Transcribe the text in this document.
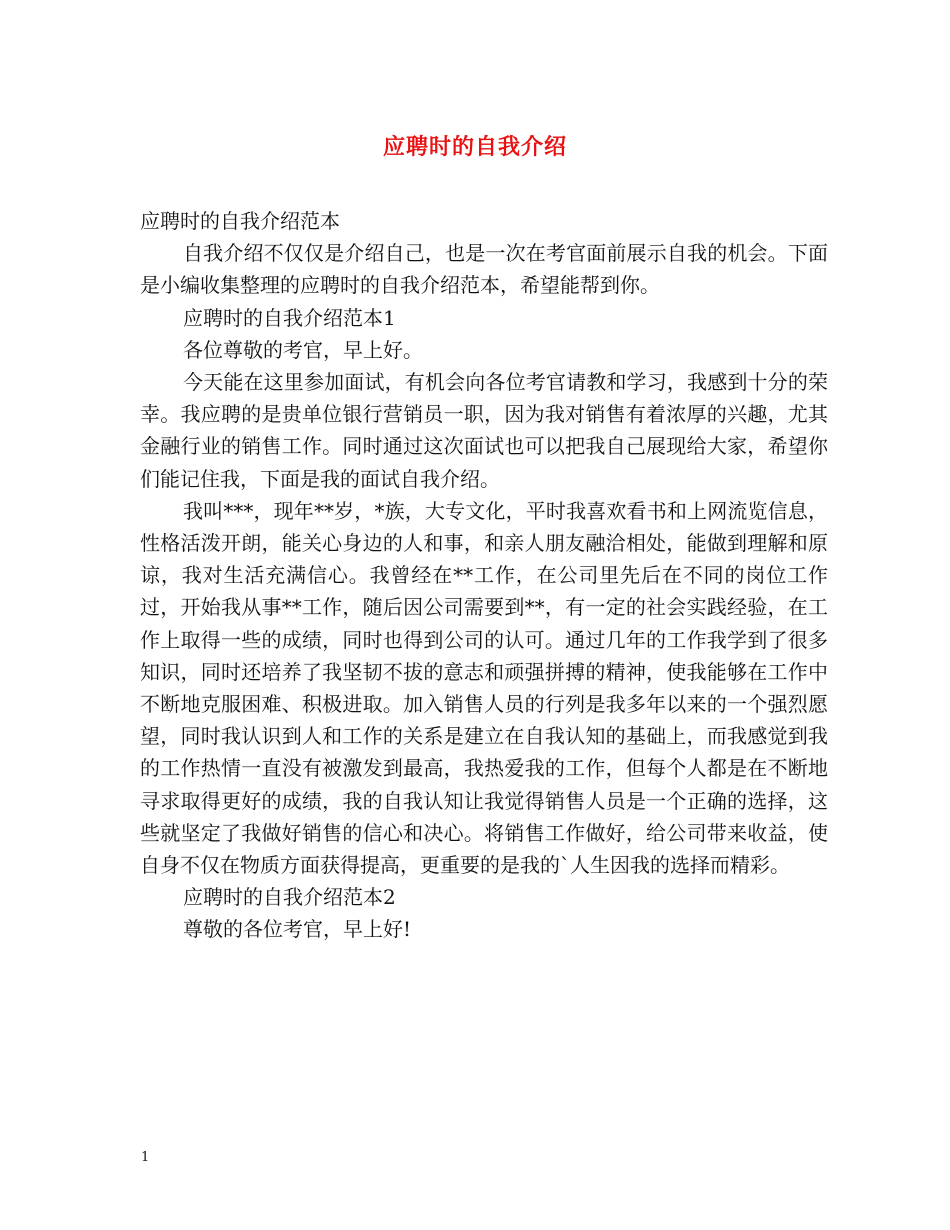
应聘时的自我介绍

应聘时的自我介绍范本

自我介绍不仅仅是介绍自己，也是一次在考官面前展示自我的机会。下面是小编收集整理的应聘时的自我介绍范本，希望能帮到你。

应聘时的自我介绍范本1

各位尊敬的考官，早上好。

今天能在这里参加面试，有机会向各位考官请教和学习，我感到十分的荣幸。我应聘的是贵单位银行营销员一职，因为我对销售有着浓厚的兴趣，尤其金融行业的销售工作。同时通过这次面试也可以把我自己展现给大家，希望你们能记住我，下面是我的面试自我介绍。

我叫***，现年**岁，*族，大专文化，平时我喜欢看书和上网流览信息，性格活泼开朗，能关心身边的人和事，和亲人朋友融洽相处，能做到理解和原谅，我对生活充满信心。我曾经在**工作，在公司里先后在不同的岗位工作过，开始我从事**工作，随后因公司需要到**，有一定的社会实践经验，在工作上取得一些的成绩，同时也得到公司的认可。通过几年的工作我学到了很多知识，同时还培养了我坚韧不拔的意志和顽强拼搏的精神，使我能够在工作中不断地克服困难、积极进取。加入销售人员的行列是我多年以来的一个强烈愿望，同时我认识到人和工作的关系是建立在自我认知的基础上，而我感觉到我的工作热情一直没有被激发到最高，我热爱我的工作，但每个人都是在不断地寻求取得更好的成绩，我的自我认知让我觉得销售人员是一个正确的选择，这些就坚定了我做好销售的信心和决心。将销售工作做好，给公司带来收益，使自身不仅在物质方面获得提高，更重要的是我的`人生因我的选择而精彩。

应聘时的自我介绍范本2

尊敬的各位考官，早上好!

1
